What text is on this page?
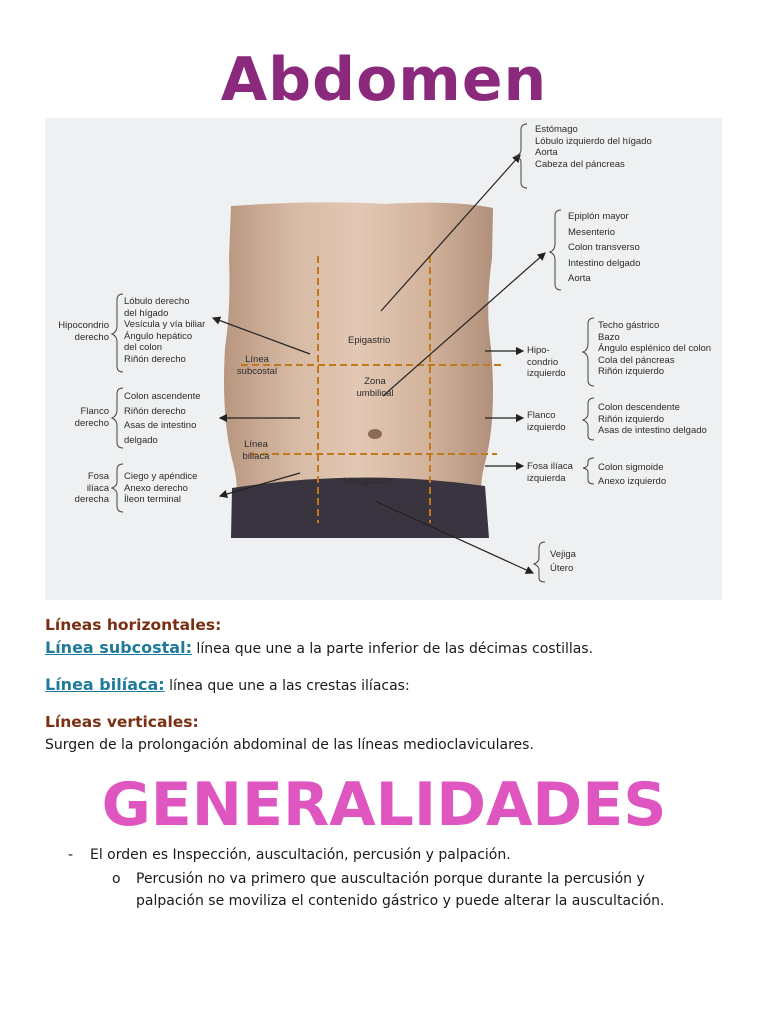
Abdomen
Estómago
Lóbulo izquierdo del hígado
Aorta
Cabeza del páncreas
Epiplón mayor
Mesenterio
Colon transverso
Intestino delgado
Aorta
Hipo-
condrio
izquierdo
Techo gástrico
Bazo
Ángulo esplénico del colon
Cola del páncreas
Riñón izquierdo
Flanco
izquierdo
Colon descendente
Riñón izquierdo
Asas de intestino delgado
Fosa ilíaca
izquierda
Colon sigmoide
Anexo izquierdo
Vejiga
Útero
Hipocondrio
derecho
Lóbulo derecho
del hígado
Vesícula y vía biliar
Ángulo hepático
del colon
Riñón derecho
Flanco
derecho
Colon ascendente
Riñón derecho
Asas de intestino
delgado
Fosa
ilíaca
derecha
Ciego y apéndice
Anexo derecho
Íleon terminal
Epigastrio
Zona
umbilical
Hipogastrio
Línea
subcostal
Línea
biliaca
Líneas horizontales:
Línea subcostal: línea que une a la parte inferior de las décimas costillas.
Línea bilíaca: línea que une a las crestas ilíacas:
Líneas verticales:
Surgen de la prolongación abdominal de las líneas medioclaviculares.
GENERALIDADES
- El orden es Inspección, auscultación, percusión y palpación.
o Percusión no va primero que auscultación porque durante la percusión y
palpación se moviliza el contenido gástrico y puede alterar la auscultación.
